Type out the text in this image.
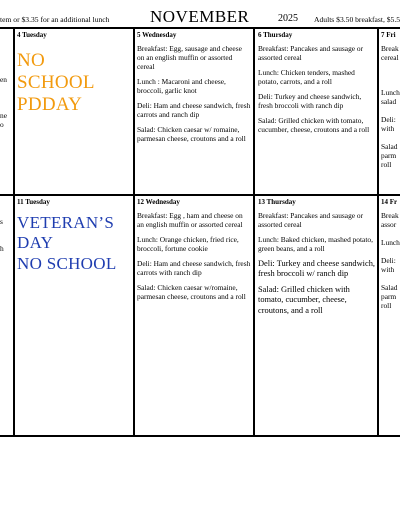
tem or $3.35 for an additional lunch NOVEMBER	2025 Adults $3.50 breakfast, $5.5
en
ne
o
4 Tuesday
NO
SCHOOL
PDDAY
5 Wednesday

Breakfast: Egg, sausage and cheese on an english muffin or assorted cereal

Lunch : Macaroni and cheese, broccoli, garlic knot

Deli: Ham and cheese sandwich, fresh carrots and ranch dip

Salad: Chicken caesar w/ romaine, parmesan cheese, croutons and a roll

6 Thursday

Breakfast: Pancakes and sausage or assorted cereal

Lunch: Chicken tenders, mashed potato, carrots, and a roll

Deli: Turkey and cheese sandwich, fresh broccoli with ranch dip

Salad: Grilled chicken with tomato, cucumber, cheese, croutons and a roll

7 Fri
Break
cereal
Lunch
salad
Deli:
with
Salad
parm
roll
s
h
11 Tuesday
VETERAN’S
DAY
NO SCHOOL
12 Wednesday

Breakfast: Egg , ham and cheese on an english muffin or assorted cereal

Lunch: Orange chicken, fried rice, broccoli, fortune cookie

Deli: Ham and cheese sandwich, fresh carrots with ranch dip

Salad: Chicken caesar w/romaine, parmesan cheese, croutons and a roll

13 Thursday

Breakfast: Pancakes and sausage or assorted cereal

Lunch: Baked chicken, mashed potato, green beans, and a roll

Deli: Turkey and cheese sandwich, fresh broccoli w/ ranch dip

Salad: Grilled chicken with tomato, cucumber, cheese, croutons, and a roll

14 Fr
Break
assor
Lunch
Deli:
with
Salad
parm
roll
